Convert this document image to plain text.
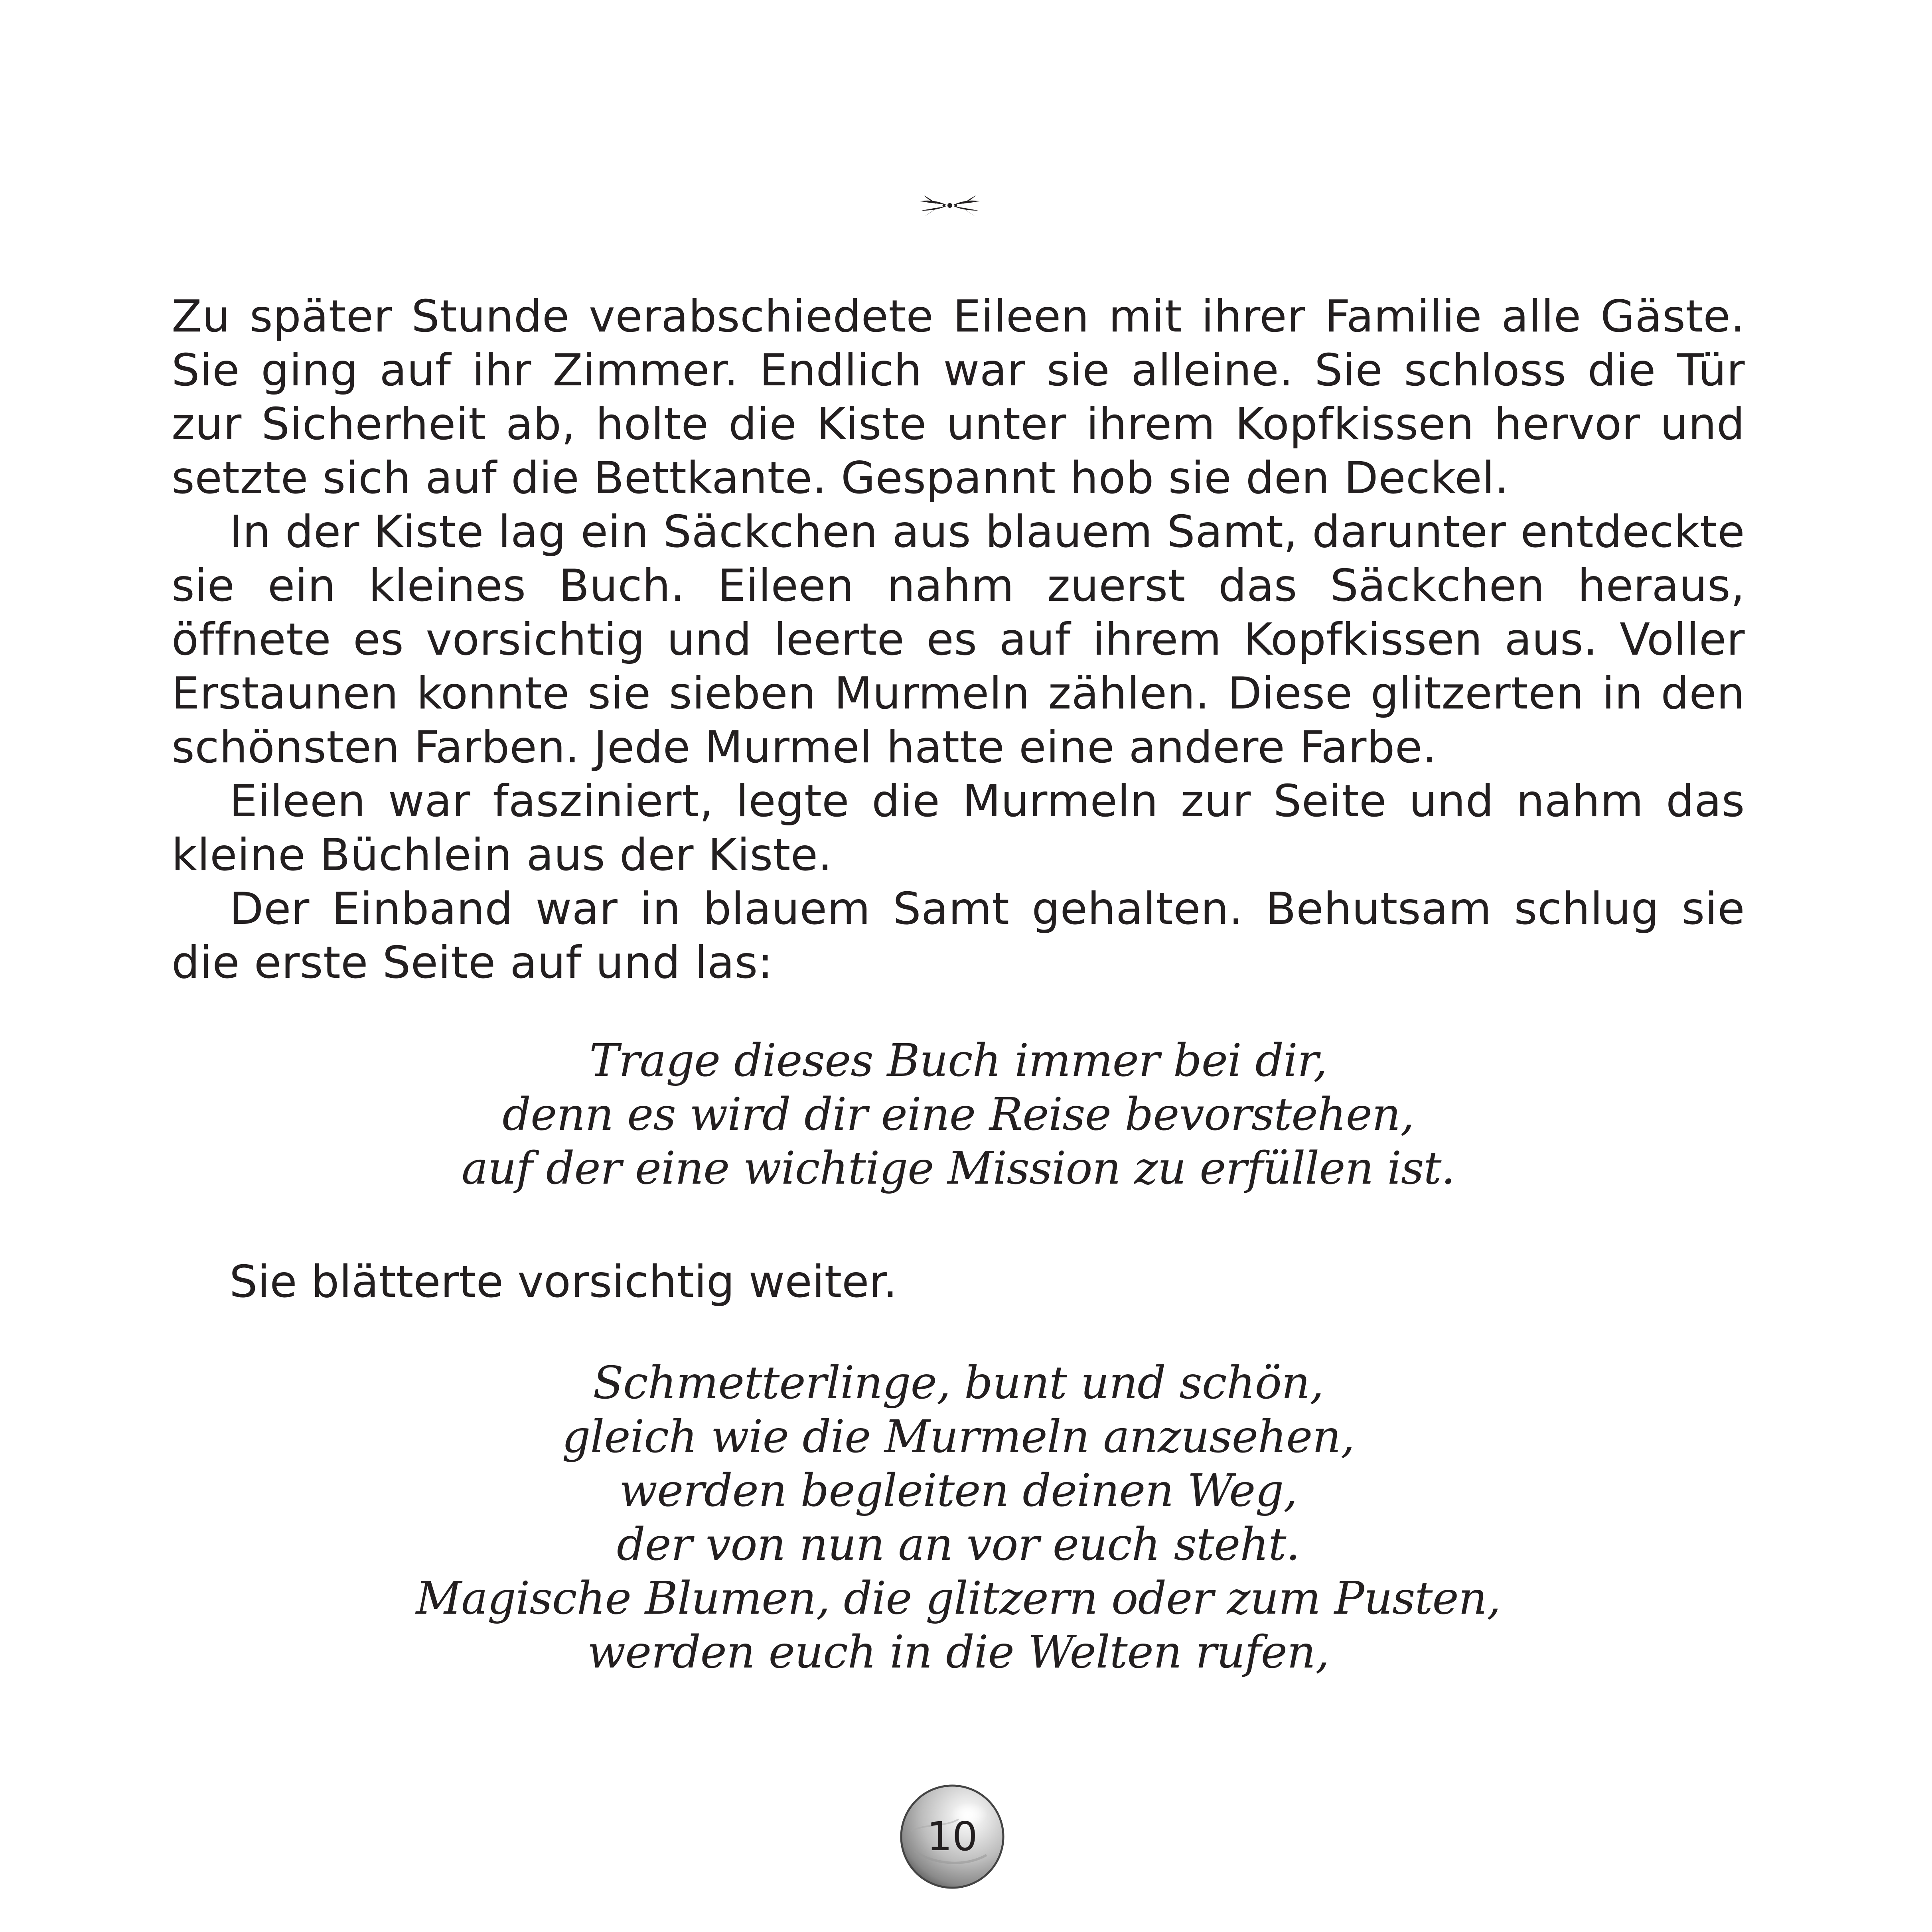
Zu später Stunde verabschiedete Eileen mit ihrer Familie alle Gäste. Sie ging auf ihr Zimmer. Endlich war sie alleine. Sie schloss die Tür zur Sicherheit ab, holte die Kiste unter ihrem Kopfkissen hervor und setzte sich auf die Bettkante. Gespannt hob sie den Deckel.

In der Kiste lag ein Säckchen aus blauem Samt, darunter entdeckte sie ein kleines Buch. Eileen nahm zuerst das Säckchen heraus, öffnete es vorsichtig und leerte es auf ihrem Kopfkissen aus. Voller Erstaunen konnte sie sieben Murmeln zählen. Diese glitzerten in den schönsten Farben. Jede Murmel hatte eine andere Farbe.

Eileen war fasziniert, legte die Murmeln zur Seite und nahm das kleine Büchlein aus der Kiste.

Der Einband war in blauem Samt gehalten. Behutsam schlug sie die erste Seite auf und las:

Trage dieses Buch immer bei dir,
denn es wird dir eine Reise bevorstehen,
auf der eine wichtige Mission zu erfüllen ist.

Sie blätterte vorsichtig weiter.

Schmetterlinge, bunt und schön,
gleich wie die Murmeln anzusehen,
werden begleiten deinen Weg,
der von nun an vor euch steht.
Magische Blumen, die glitzern oder zum Pusten,
werden euch in die Welten rufen,
10
